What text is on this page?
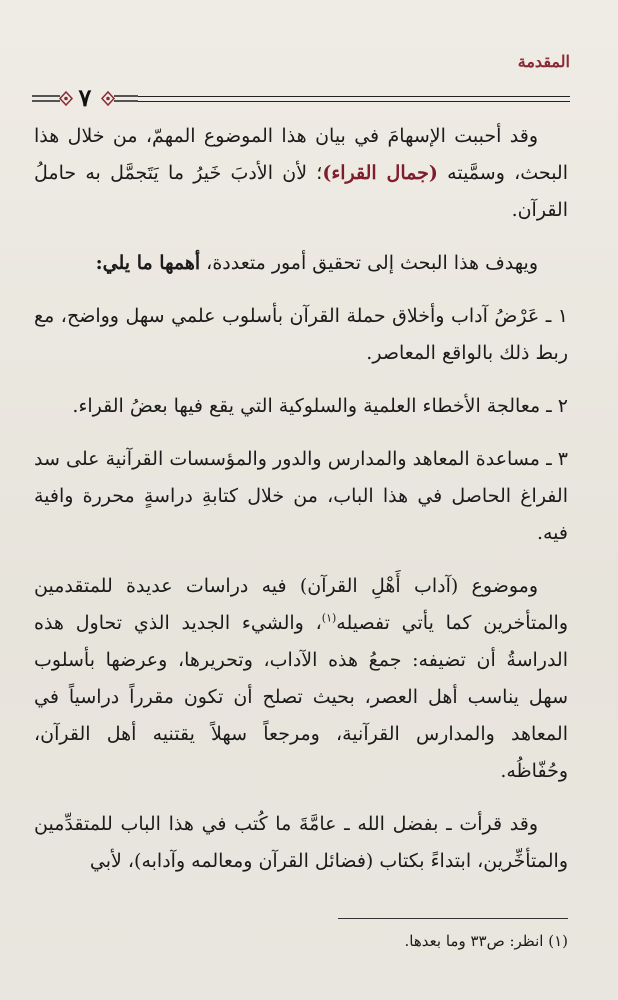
المقدمة
٧

وقد أحببت الإسهامَ في بيان هذا الموضوع المهمّ، من خلال هذا البحث، وسمَّيته (جمال القراء)؛ لأن الأدبَ خَيرُ ما يَتَجمَّل به حاملُ القرآن.

ويهدف هذا البحث إلى تحقيق أمور متعددة، أهمها ما يلي:

١ ـ عَرْضُ آداب وأخلاق حملة القرآن بأسلوب علمي سهل وواضح، مع ربط ذلك بالواقع المعاصر.

٢ ـ معالجة الأخطاء العلمية والسلوكية التي يقع فيها بعضُ القراء.

٣ ـ مساعدة المعاهد والمدارس والدور والمؤسسات القرآنية على سد الفراغ الحاصل في هذا الباب، من خلال كتابةِ دراسةٍ محررة وافية فيه.

وموضوع (آداب أَهْلِ القرآن) فيه دراسات عديدة للمتقدمين والمتأخرين كما يأتي تفصيله$^{(١)}$، والشيء الجديد الذي تحاول هذه الدراسةُ أن تضيفه: جمعُ هذه الآداب، وتحريرها، وعرضها بأسلوب سهل يناسب أهل العصر، بحيث تصلح أن تكون مقرراً دراسياً في المعاهد والمدارس القرآنية، ومرجعاً سهلاً يقتنيه أهل القرآن، وحُفّاظُه.

وقد قرأت ـ بفضل الله ـ عامَّةَ ما كُتب في هذا الباب للمتقدِّمين والمتأخِّرين، ابتداءً بكتاب (فضائل القرآن ومعالمه وآدابه)، لأبي

(١) انظر: ص٣٣ وما بعدها.
